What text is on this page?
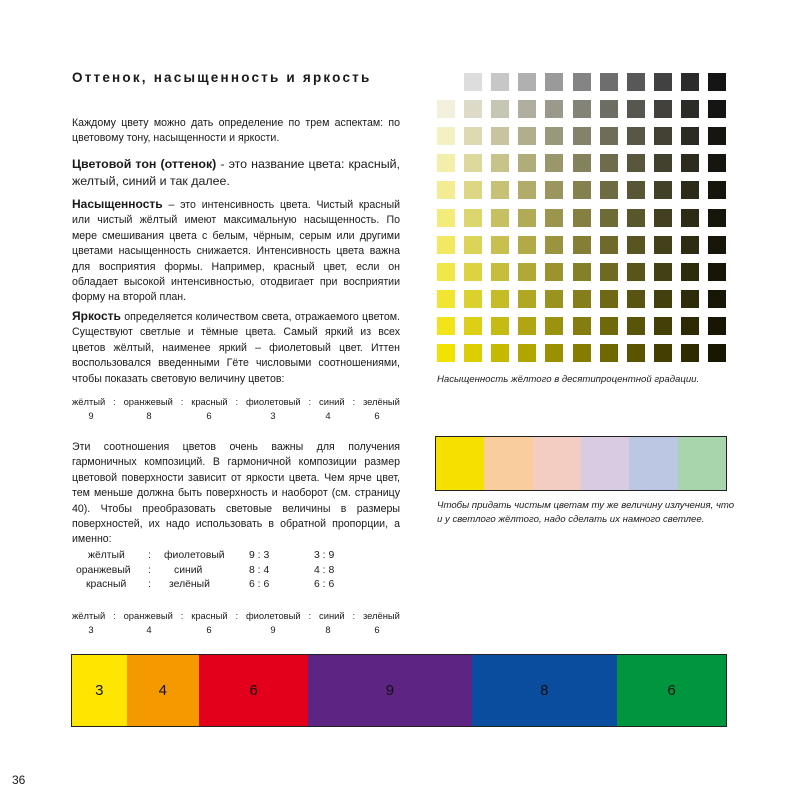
Оттенок, насыщенность и яркость

Каждому цвету можно дать определение по трем аспектам: по цветовому тону, насыщенности и яркости.

Цветовой тон (оттенок) - это название цвета: красный, желтый, синий и так далее.

Насыщенность – это интенсивность цвета. Чистый красный или чистый жёлтый имеют максимальную насыщенность. По мере смешивания цвета с белым, чёрным, серым или другими цветами насыщенность снижается. Интенсивность цвета важна для восприятия формы. Например, красный цвет, если он обладает высокой интенсивностью, отодвигает при восприятии форму на второй план.

Яркость определяется количеством света, отражаемого цветом. Существуют светлые и тёмные цвета. Самый яркий из всех цветов жёлтый, наименее яркий – фиолетовый цвет. Иттен воспользовался введенными Гёте числовыми соотношениями, чтобы показать световую величину цветов:

жёлтый : оранжевый : красный : фиолетовый : синий : зелёный
9	8	6	3	4	6

Эти соотношения цветов очень важны для получения гармоничных композиций. В гармоничной композиции размер цветовой поверхности зависит от яркости цвета. Чем ярче цвет, тем меньше должна быть поверхность и наоборот (см. страницу 40). Чтобы преобразовать световые величины в размеры поверхностей, их надо использовать в обратной пропорции, а именно:

жёлтый : фиолетовый 9 : 3	3 : 9
оранжевый : синий	8 : 4	4 : 8
красный : зелёный	6 : 6	6 : 6
жёлтый : оранжевый : красный : фиолетовый : синий : зелёный
3	4	6	9	8	6
Насыщенность жёлтого в десятипроцентной градации.
Чтобы придать чистым цветам ту же величину излучения, что и у светлого жёлтого, надо сделать их намного светлее.
3	4	6	9	8	6
36
